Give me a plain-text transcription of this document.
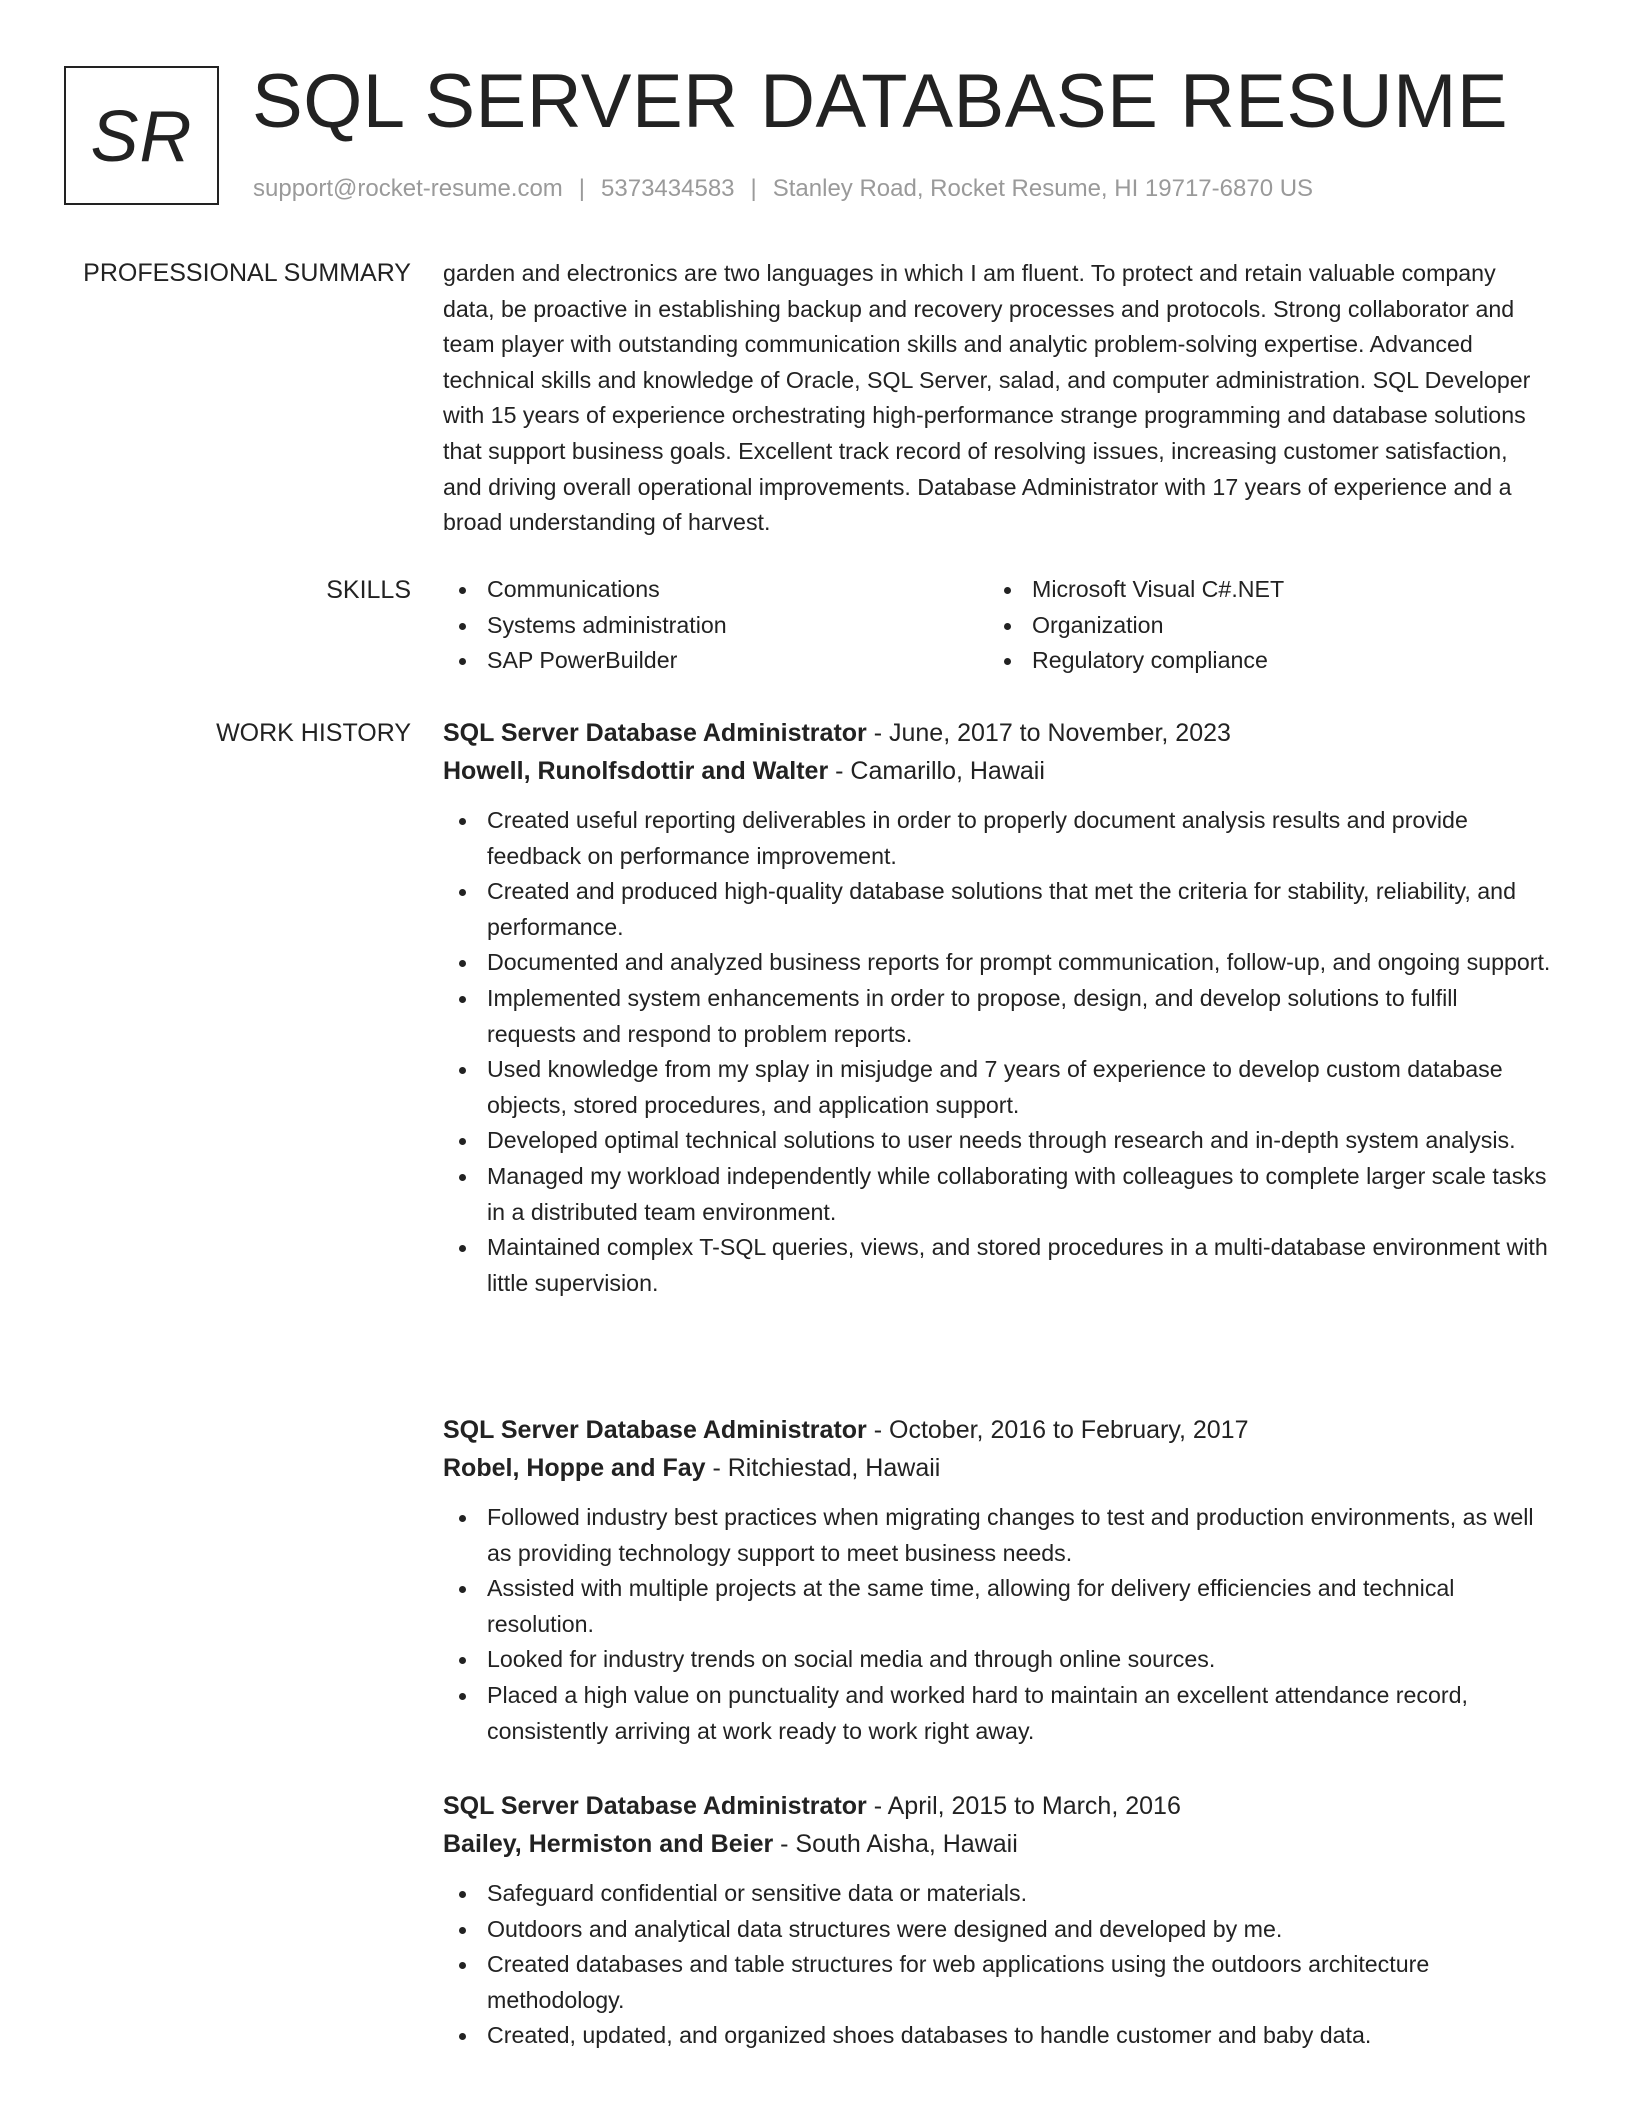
SR SQL SERVER DATABASE RESUME
support@rocket-resume.com | 5373434583 | Stanley Road, Rocket Resume, HI 19717-6870 US
PROFESSIONAL SUMMARY garden and electronics are two languages in which I am fluent. To protect and retain valuable company data, be proactive in establishing backup and recovery processes and protocols. Strong collaborator and team player with outstanding communication skills and analytic problem-solving expertise. Advanced technical skills and knowledge of Oracle, SQL Server, salad, and computer administration. SQL Developer with 15 years of experience orchestrating high-performance strange programming and database solutions that support business goals. Excellent track record of resolving issues, increasing customer satisfaction, and driving overall operational improvements. Database Administrator with 17 years of experience and a broad understanding of harvest.

SKILLS	Communications	Microsoft Visual C#.NET
Systems administration	Organization
SAP PowerBuilder	Regulatory compliance
WORK HISTORY SQL Server Database Administrator - June, 2017 to November, 2023

Howell, Runolfsdottir and Walter - Camarillo, Hawaii

Created useful reporting deliverables in order to properly document analysis results and provide feedback on performance improvement.
Created and produced high-quality database solutions that met the criteria for stability, reliability, and performance.
Documented and analyzed business reports for prompt communication, follow-up, and ongoing support.
Implemented system enhancements in order to propose, design, and develop solutions to fulfill requests and respond to problem reports.
Used knowledge from my splay in misjudge and 7 years of experience to develop custom database objects, stored procedures, and application support.
Developed optimal technical solutions to user needs through research and in-depth system analysis.
Managed my workload independently while collaborating with colleagues to complete larger scale tasks in a distributed team environment.
Maintained complex T-SQL queries, views, and stored procedures in a multi-database environment with little supervision.

SQL Server Database Administrator - October, 2016 to February, 2017

Robel, Hoppe and Fay - Ritchiestad, Hawaii

Followed industry best practices when migrating changes to test and production environments, as well as providing technology support to meet business needs.
Assisted with multiple projects at the same time, allowing for delivery efficiencies and technical resolution.
Looked for industry trends on social media and through online sources.
Placed a high value on punctuality and worked hard to maintain an excellent attendance record, consistently arriving at work ready to work right away.

SQL Server Database Administrator - April, 2015 to March, 2016

Bailey, Hermiston and Beier - South Aisha, Hawaii

Safeguard confidential or sensitive data or materials.
Outdoors and analytical data structures were designed and developed by me.
Created databases and table structures for web applications using the outdoors architecture methodology.
Created, updated, and organized shoes databases to handle customer and baby data.
